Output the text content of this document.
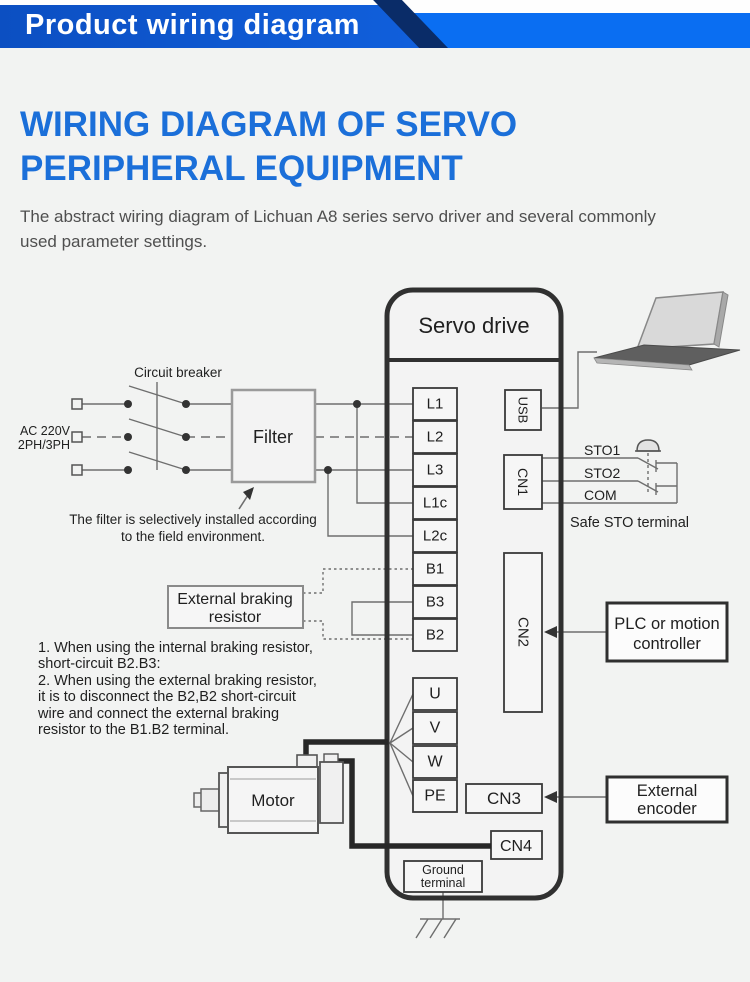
Product wiring diagram
WIRING DIAGRAM OF SERVO
PERIPHERAL EQUIPMENT
The abstract wiring diagram of Lichuan A8 series servo driver and several commonly
used parameter settings.
Servo drive
Circuit breaker
AC 220V
2PH/3PH	Filter
The filter is selectively installed according
to the field environment.
External braking
resistor
1. When using the internal braking resistor,
short-circuit B2.B3:
2. When using the external braking resistor,
it is to disconnect the B2,B2 short-circuit
wire and connect the external braking
resistor to the B1.B2 terminal.
Motor
L1
L2
L3
L1c
L2c
B1
B3
B2
U
V
W
PE
USB
CN1
CN2
CN3
CN4
Ground
terminal
STO1
STO2
COM
Safe STO terminal
PLC or motion
controller
External
encoder
